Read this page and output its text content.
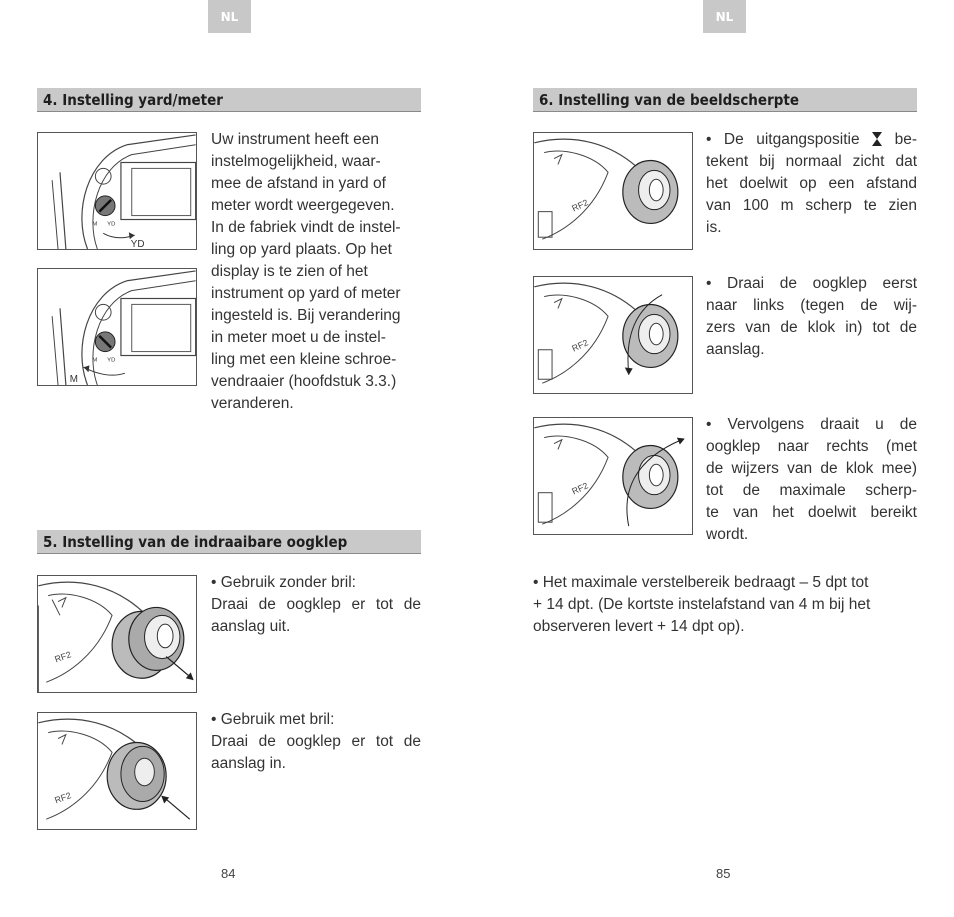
NL	NL
4. Instelling yard/meter
M YD
YD
M YD
M
Uw instrument heeft een
instelmogelijkheid, waar-
mee de afstand in yard of
meter wordt weergegeven.
In de fabriek vindt de instel-
ling op yard plaats. Op het
display is te zien of het
instrument op yard of meter
ingesteld is. Bij verandering
in meter moet u de instel-
ling met een kleine schroe-
vendraaier (hoofdstuk 3.3.)
veranderen.
5. Instelling van de indraaibare oogklep
RF2
• Gebruik zonder bril:
Draai de oogklep er tot de
aanslag uit.
RF2
• Gebruik met bril:
Draai de oogklep er tot de
aanslag in.
6. Instelling van de beeldscherpte
RF2
• De uitgangspositie be-
tekent bij normaal zicht dat
het doelwit op een afstand
van 100 m scherp te zien
is.
RF2
• Draai de oogklep eerst
naar links (tegen de wij-
zers van de klok in) tot de
aanslag.
RF2
• Vervolgens draait u de
oogklep naar rechts (met
de wijzers van de klok mee)
tot de maximale scherp-
te van het doelwit bereikt
wordt.
• Het maximale verstelbereik bedraagt – 5 dpt tot
+ 14 dpt. (De kortste instelafstand van 4 m bij het
observeren levert + 14 dpt op).
84	85
